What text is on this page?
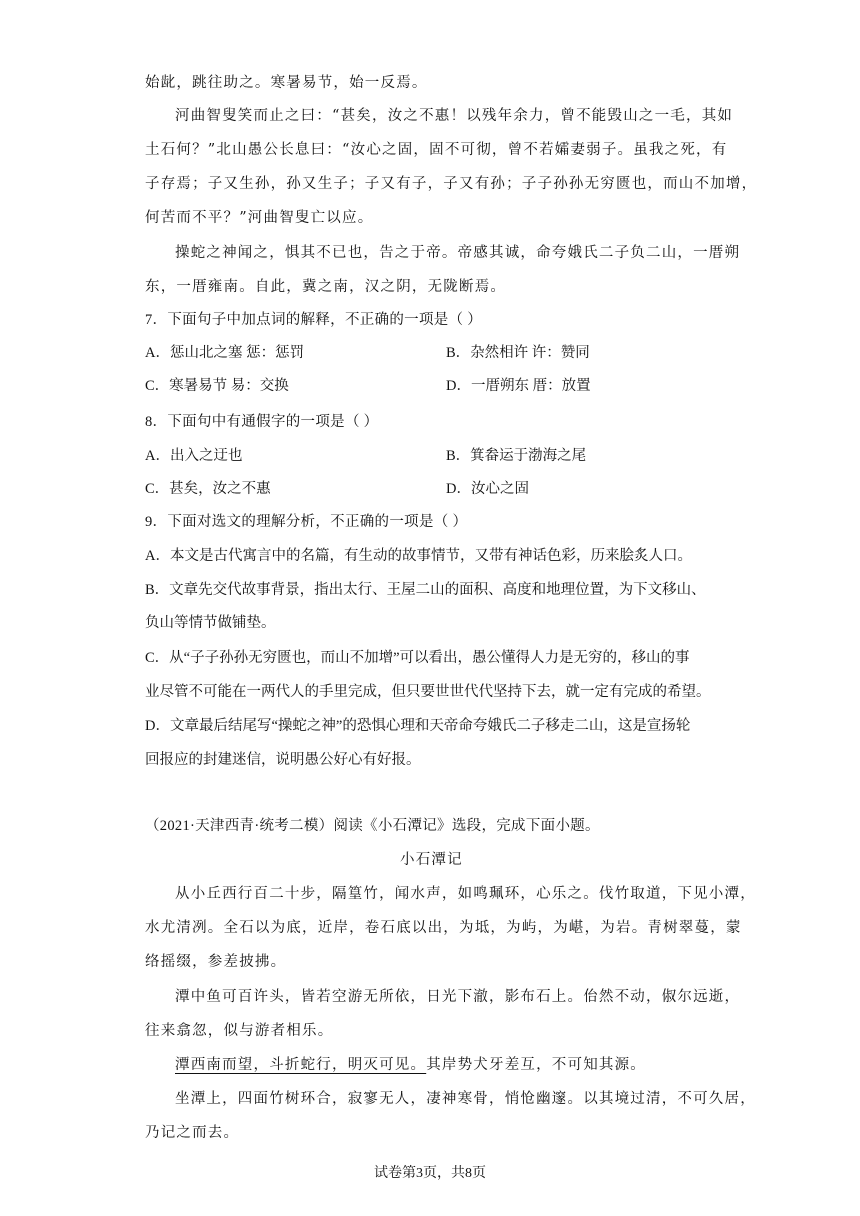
始龀，跳往助之。寒暑易节，始一反焉。
河曲智叟笑而止之曰：“甚矣，汝之不惠！以残年余力，曾不能毁山之一毛，其如
土石何？”北山愚公长息曰：“汝心之固，固不可彻，曾不若孀妻弱子。虽我之死，有
子存焉；子又生孙，孙又生子；子又有子，子又有孙；子子孙孙无穷匮也，而山不加增，
何苦而不平？”河曲智叟亡以应。
操蛇之神闻之，惧其不已也，告之于帝。帝感其诚，命夸娥氏二子负二山，一厝朔
东，一厝雍南。自此，冀之南，汉之阴，无陇断焉。
7．下面句子中加点词的解释，不正确的一项是（ ）
A．惩山北之塞 惩：惩罚	B．杂然相许 许：赞同
C．寒暑易节 易：交换	D．一厝朔东 厝：放置
8．下面句中有通假字的一项是（ ）
A．出入之迂也	B．箕畚运于渤海之尾
C．甚矣，汝之不惠	D．汝心之固
9．下面对选文的理解分析，不正确的一项是（ ）
A．本文是古代寓言中的名篇，有生动的故事情节，又带有神话色彩，历来脍炙人口。
B．文章先交代故事背景，指出太行、王屋二山的面积、高度和地理位置，为下文移山、
负山等情节做铺垫。
C．从“子子孙孙无穷匮也，而山不加增”可以看出，愚公懂得人力是无穷的，移山的事
业尽管不可能在一两代人的手里完成，但只要世世代代坚持下去，就一定有完成的希望。
D．文章最后结尾写“操蛇之神”的恐惧心理和天帝命夸娥氏二子移走二山，这是宣扬轮
回报应的封建迷信，说明愚公好心有好报。
（2021·天津西青·统考二模）阅读《小石潭记》选段，完成下面小题。
小石潭记
从小丘西行百二十步，隔篁竹，闻水声，如鸣珮环，心乐之。伐竹取道，下见小潭，
水尤清冽。全石以为底，近岸，卷石底以出，为坻，为屿，为嵁，为岩。青树翠蔓，蒙
络摇缀，参差披拂。
潭中鱼可百许头，皆若空游无所依，日光下澈，影布石上。佁然不动，俶尔远逝，
往来翕忽，似与游者相乐。
潭西南而望，斗折蛇行，明灭可见。其岸势犬牙差互，不可知其源。
坐潭上，四面竹树环合，寂寥无人，凄神寒骨，悄怆幽邃。以其境过清，不可久居，
乃记之而去。
试卷第3页，共8页
